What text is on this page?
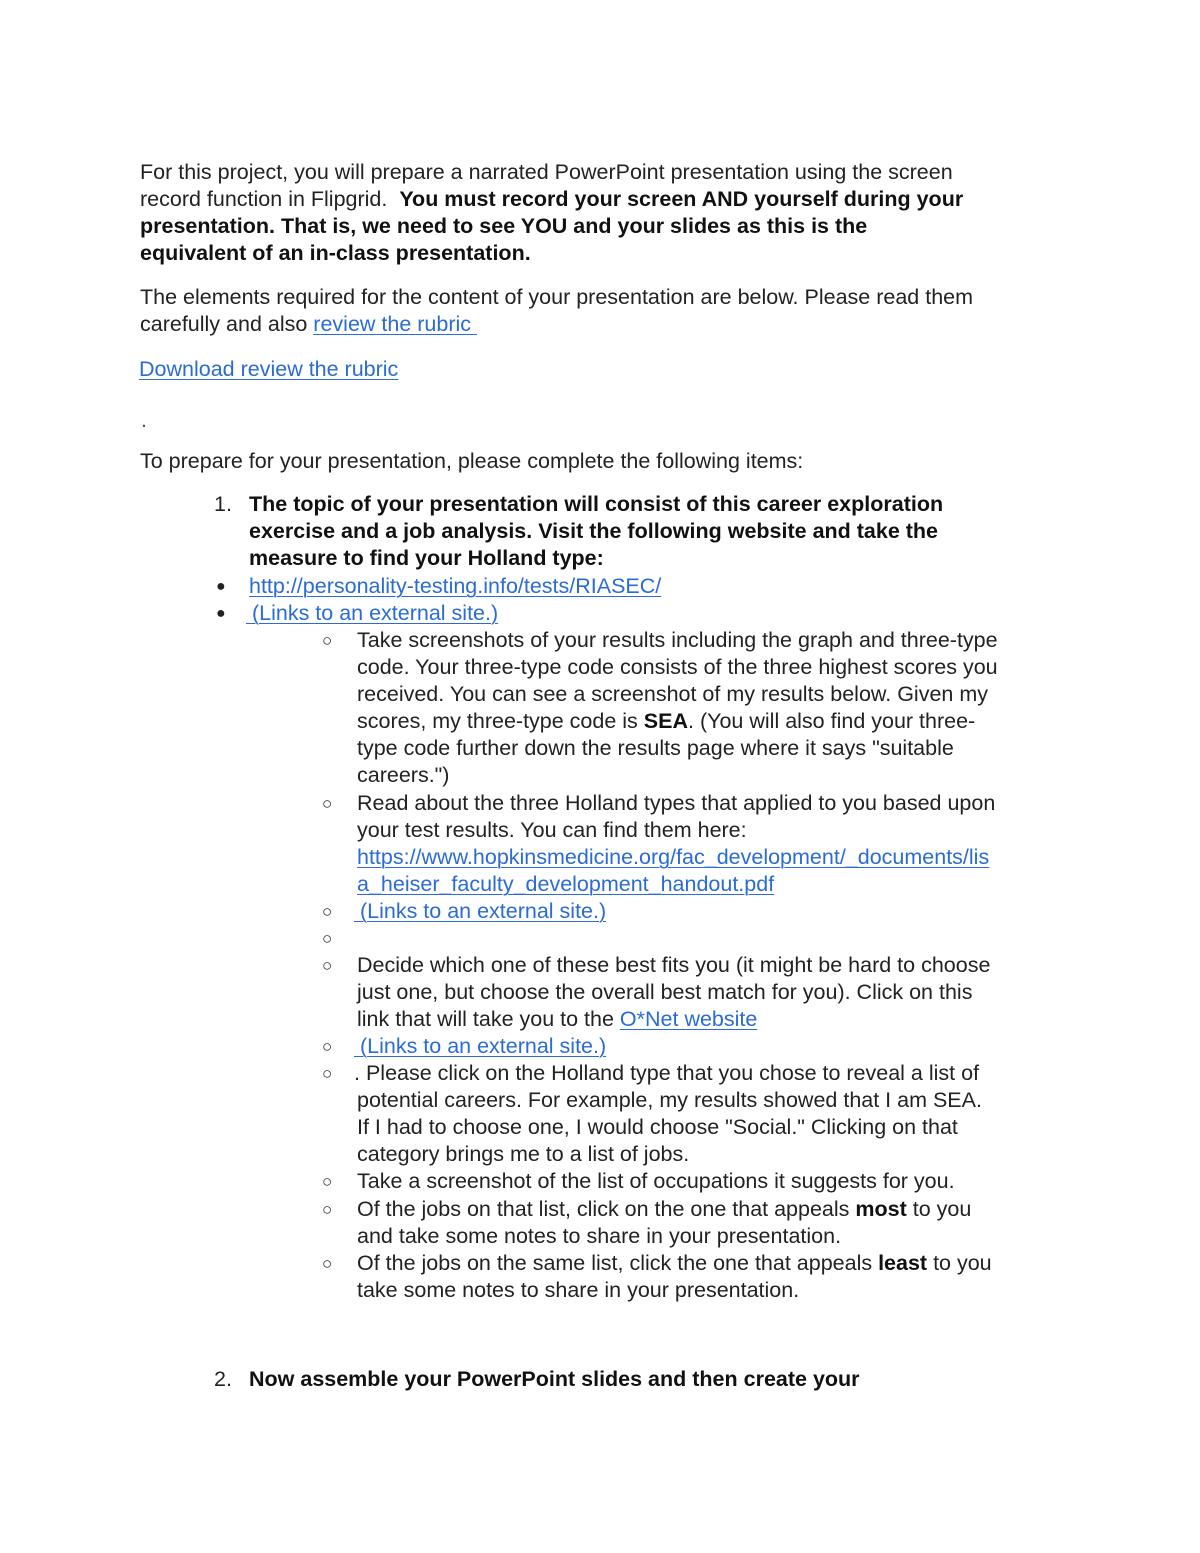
For this project, you will prepare a narrated PowerPoint presentation using the screen
record function in Flipgrid.  You must record your screen AND yourself during your
presentation. That is, we need to see YOU and your slides as this is the
equivalent of an in-class presentation.
The elements required for the content of your presentation are below. Please read them
carefully and also review the rubric
Download review the rubric
.
To prepare for your presentation, please complete the following items:
1. The topic of your presentation will consist of this career exploration
exercise and a job analysis. Visit the following website and take the
measure to find your Holland type:
● http://personality-testing.info/tests/RIASEC/
● (Links to an external site.)
○ Take screenshots of your results including the graph and three-type
code. Your three-type code consists of the three highest scores you
received. You can see a screenshot of my results below. Given my
scores, my three-type code is SEA. (You will also find your three-
type code further down the results page where it says "suitable
careers.")
○ Read about the three Holland types that applied to you based upon
your test results. You can find them here:
https://www.hopkinsmedicine.org/fac_development/_documents/lis
a_heiser_faculty_development_handout.pdf
○ (Links to an external site.)
○
○ Decide which one of these best fits you (it might be hard to choose
just one, but choose the overall best match for you). Click on this
link that will take you to the O*Net website
○ (Links to an external site.)
○ . Please click on the Holland type that you chose to reveal a list of
potential careers. For example, my results showed that I am SEA.
If I had to choose one, I would choose "Social." Clicking on that
category brings me to a list of jobs.
○ Take a screenshot of the list of occupations it suggests for you.
○ Of the jobs on that list, click on the one that appeals most to you
and take some notes to share in your presentation.
○ Of the jobs on the same list, click the one that appeals least to you
take some notes to share in your presentation.
2. Now assemble your PowerPoint slides and then create your
